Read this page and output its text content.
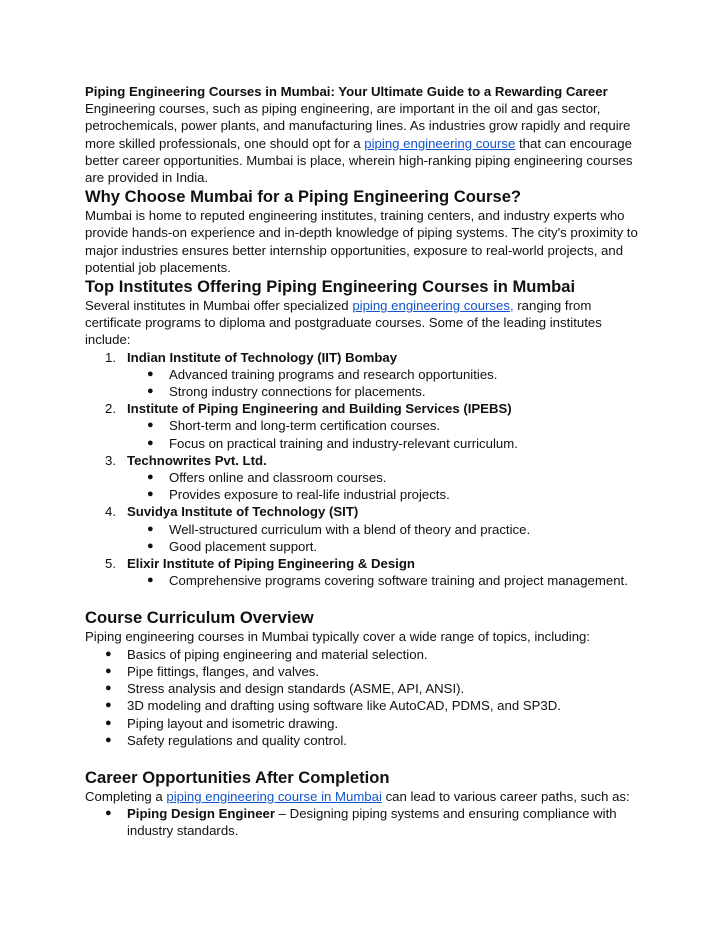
Piping Engineering Courses in Mumbai: Your Ultimate Guide to a Rewarding Career

Engineering courses, such as piping engineering, are important in the oil and gas sector, petrochemicals, power plants, and manufacturing lines. As industries grow rapidly and require more skilled professionals, one should opt for a piping engineering course that can encourage better career opportunities. Mumbai is place, wherein high-ranking piping engineering courses are provided in India.

Why Choose Mumbai for a Piping Engineering Course?

Mumbai is home to reputed engineering institutes, training centers, and industry experts who provide hands-on experience and in-depth knowledge of piping systems. The city's proximity to major industries ensures better internship opportunities, exposure to real-world projects, and potential job placements.

Top Institutes Offering Piping Engineering Courses in Mumbai

Several institutes in Mumbai offer specialized piping engineering courses, ranging from certificate programs to diploma and postgraduate courses. Some of the leading institutes include:

1. Indian Institute of Technology (IIT) Bombay
● Advanced training programs and research opportunities.
● Strong industry connections for placements.
2. Institute of Piping Engineering and Building Services (IPEBS)
● Short-term and long-term certification courses.
● Focus on practical training and industry-relevant curriculum.
3. Technowrites Pvt. Ltd.
● Offers online and classroom courses.
● Provides exposure to real-life industrial projects.
4. Suvidya Institute of Technology (SIT)
● Well-structured curriculum with a blend of theory and practice.
● Good placement support.
5. Elixir Institute of Piping Engineering & Design
● Comprehensive programs covering software training and project management.
Course Curriculum Overview

Piping engineering courses in Mumbai typically cover a wide range of topics, including:

● Basics of piping engineering and material selection.
● Pipe fittings, flanges, and valves.
● Stress analysis and design standards (ASME, API, ANSI).
● 3D modeling and drafting using software like AutoCAD, PDMS, and SP3D.
● Piping layout and isometric drawing.
● Safety regulations and quality control.
Career Opportunities After Completion

Completing a piping engineering course in Mumbai can lead to various career paths, such as:

● Piping Design Engineer – Designing piping systems and ensuring compliance with industry standards.
